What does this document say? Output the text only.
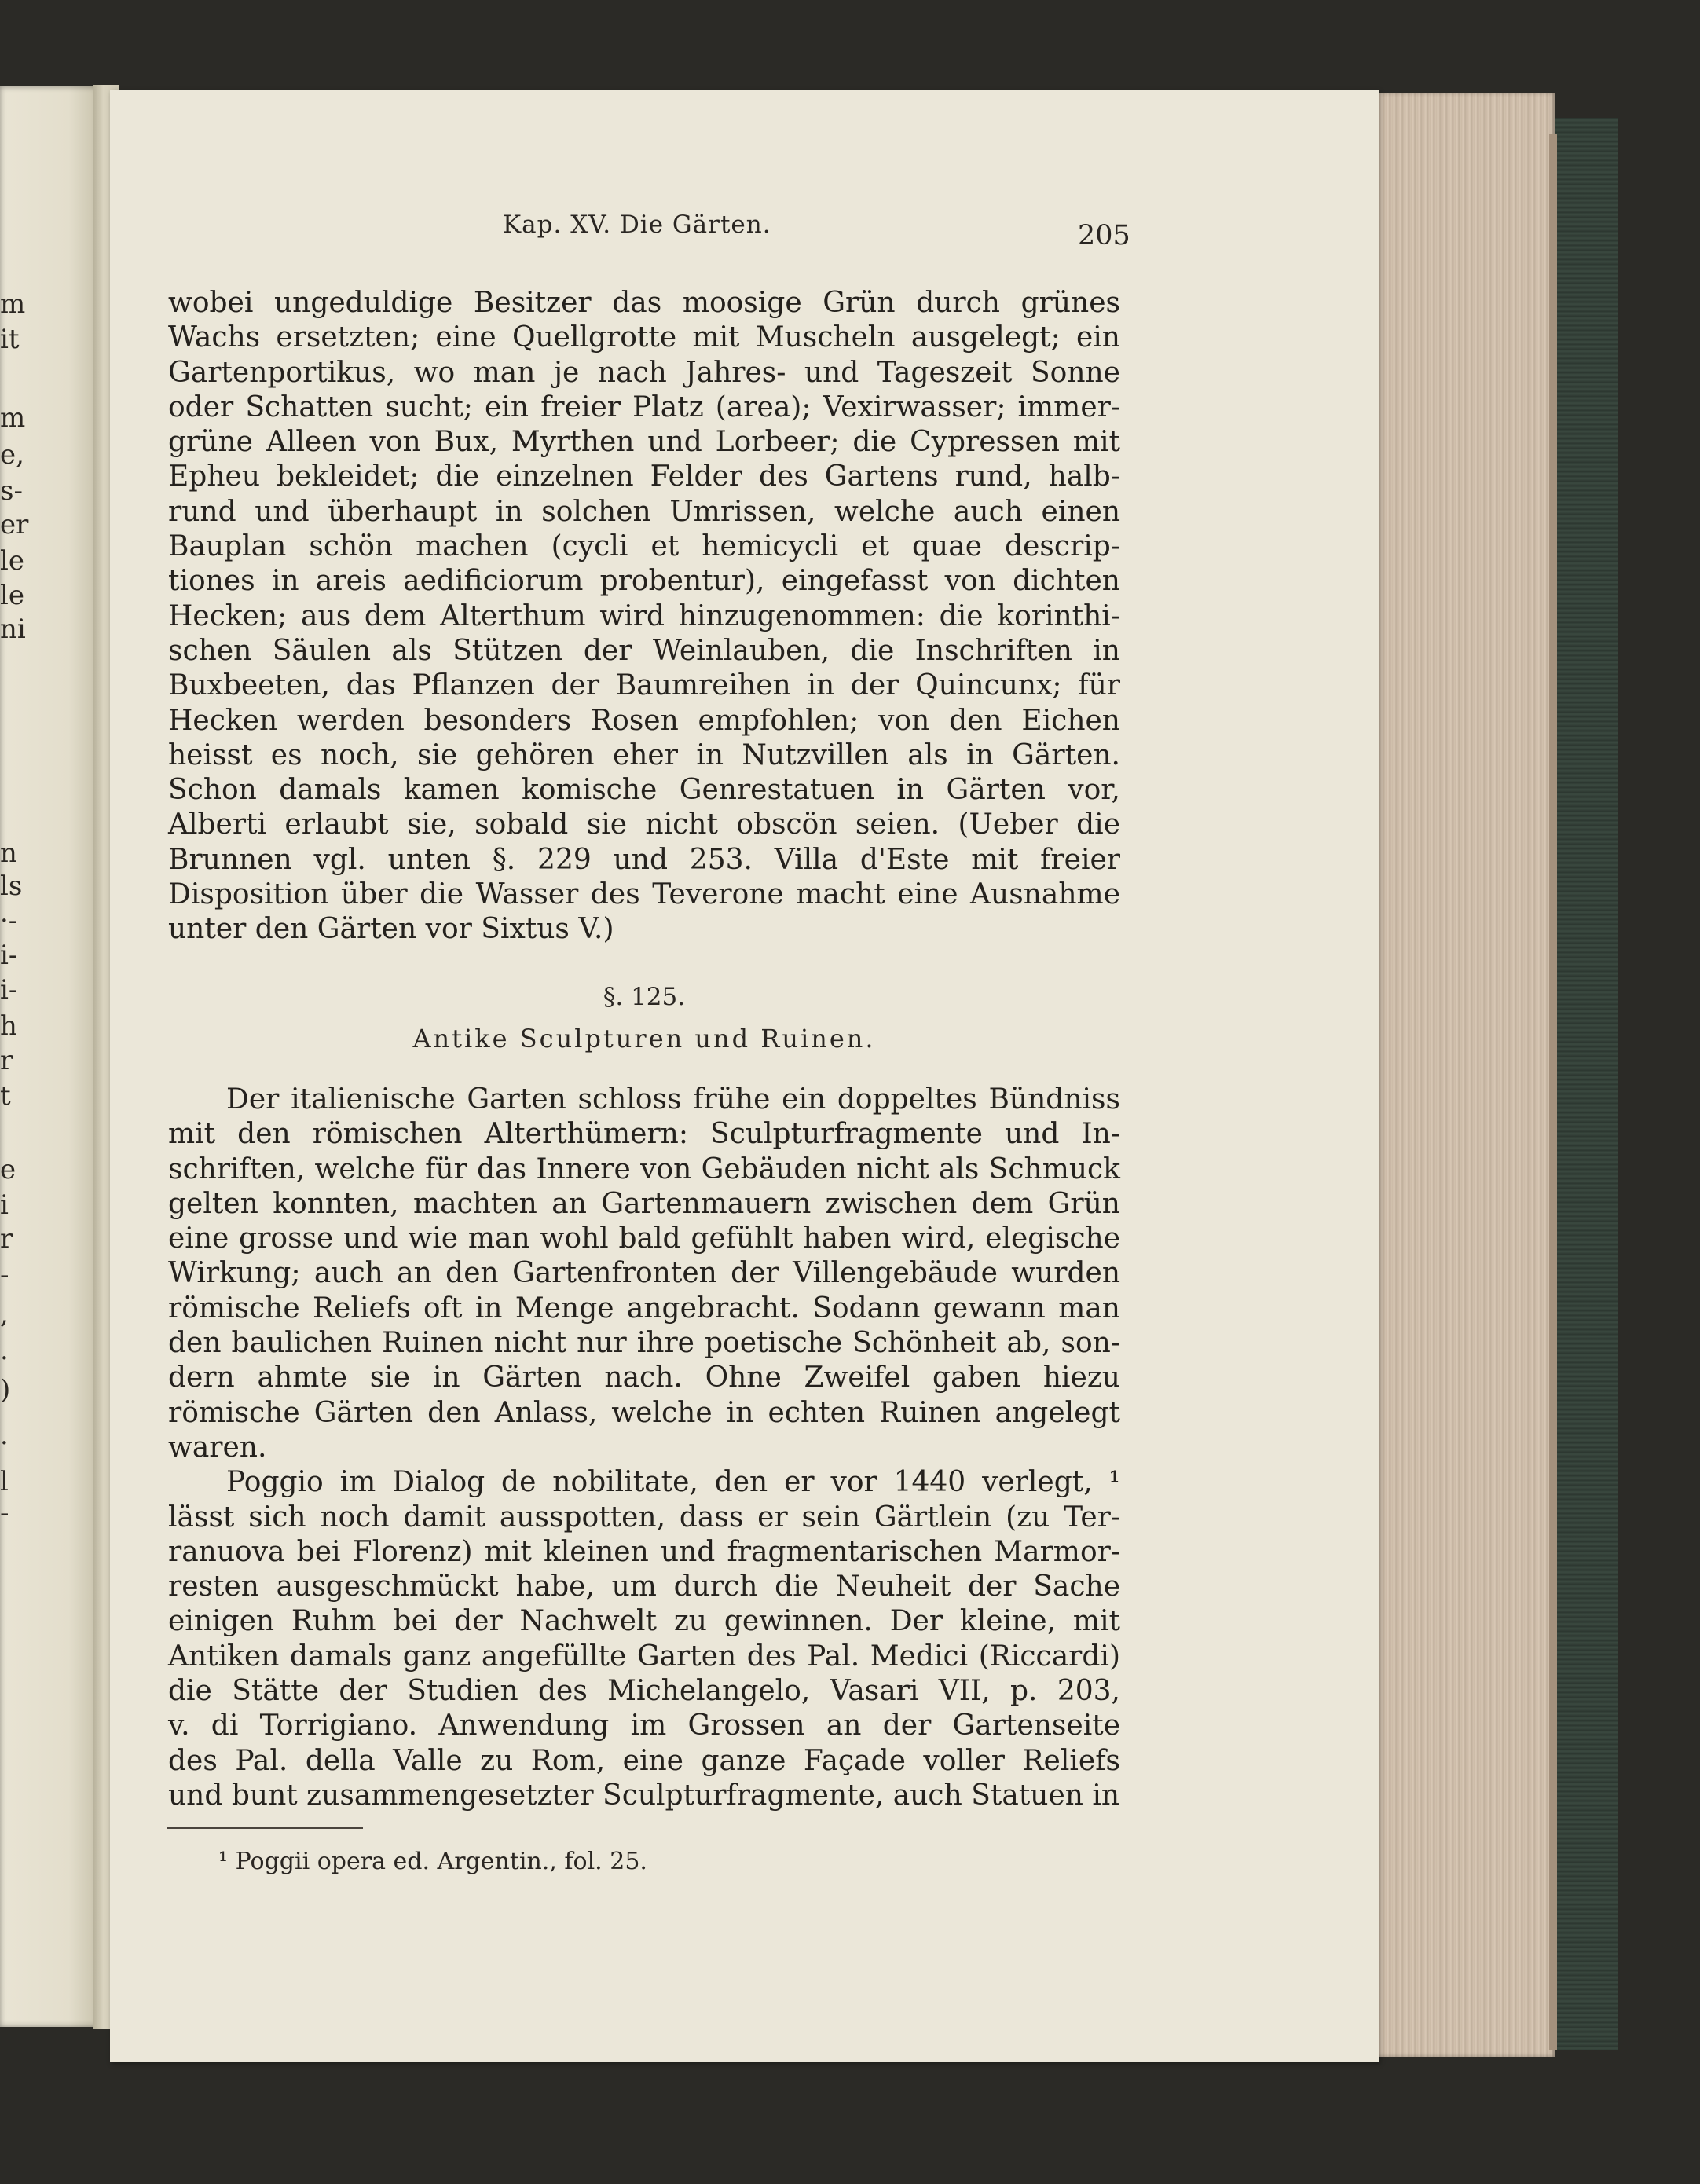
m
it
m
e,
s-
er
le
le
ni
n
ls
·-
i-
i-
h
r
t
e
i
r
-
,
.
)
·
l
-
Kap. XV. Die Gärten.	205
wobei ungeduldige Besitzer das moosige Grün durch grünes
Wachs ersetzten; eine Quellgrotte mit Muscheln ausgelegt; ein
Gartenportikus, wo man je nach Jahres- und Tageszeit Sonne
oder Schatten sucht; ein freier Platz (area); Vexirwasser; immer-
grüne Alleen von Bux, Myrthen und Lorbeer; die Cypressen mit
Epheu bekleidet; die einzelnen Felder des Gartens rund, halb-
rund und überhaupt in solchen Umrissen, welche auch einen
Bauplan schön machen (cycli et hemicycli et quae descrip-
tiones in areis aedificiorum probentur), eingefasst von dichten
Hecken; aus dem Alterthum wird hinzugenommen: die korinthi-
schen Säulen als Stützen der Weinlauben, die Inschriften in
Buxbeeten, das Pflanzen der Baumreihen in der Quincunx; für
Hecken werden besonders Rosen empfohlen; von den Eichen
heisst es noch, sie gehören eher in Nutzvillen als in Gärten.
Schon damals kamen komische Genrestatuen in Gärten vor,
Alberti erlaubt sie, sobald sie nicht obscön seien. (Ueber die
Brunnen vgl. unten §. 229 und 253. Villa d'Este mit freier
Disposition über die Wasser des Teverone macht eine Ausnahme
unter den Gärten vor Sixtus V.)
§. 125.
Antike Sculpturen und Ruinen.
Der italienische Garten schloss frühe ein doppeltes Bündniss
mit den römischen Alterthümern: Sculpturfragmente und In-
schriften, welche für das Innere von Gebäuden nicht als Schmuck
gelten konnten, machten an Gartenmauern zwischen dem Grün
eine grosse und wie man wohl bald gefühlt haben wird, elegische
Wirkung; auch an den Gartenfronten der Villengebäude wurden
römische Reliefs oft in Menge angebracht. Sodann gewann man
den baulichen Ruinen nicht nur ihre poetische Schönheit ab, son-
dern ahmte sie in Gärten nach. Ohne Zweifel gaben hiezu
römische Gärten den Anlass, welche in echten Ruinen angelegt
waren.
Poggio im Dialog de nobilitate, den er vor 1440 verlegt, ¹
lässt sich noch damit ausspotten, dass er sein Gärtlein (zu Ter-
ranuova bei Florenz) mit kleinen und fragmentarischen Marmor-
resten ausgeschmückt habe, um durch die Neuheit der Sache
einigen Ruhm bei der Nachwelt zu gewinnen. Der kleine, mit
Antiken damals ganz angefüllte Garten des Pal. Medici (Riccardi)
die Stätte der Studien des Michelangelo, Vasari VII, p. 203,
v. di Torrigiano. Anwendung im Grossen an der Gartenseite
des Pal. della Valle zu Rom, eine ganze Façade voller Reliefs
und bunt zusammengesetzter Sculpturfragmente, auch Statuen in
¹ Poggii opera ed. Argentin., fol. 25.
